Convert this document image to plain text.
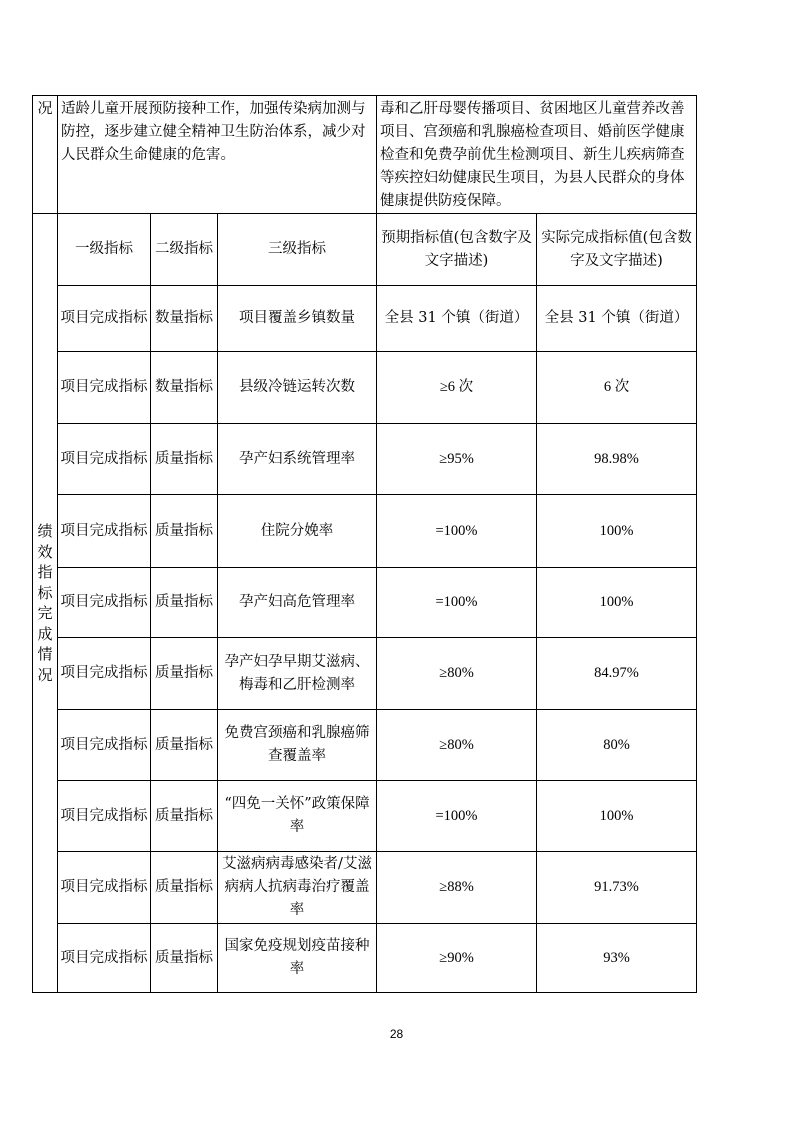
况	适龄儿童开展预防接种工作，加强传染病加测与防控，逐步建立健全精神卫生防治体系，减少对人民群众生命健康的危害。			毒和乙肝母婴传播项目、贫困地区儿童营养改善项目、宫颈癌和乳腺癌检查项目、婚前医学健康检查和免费孕前优生检测项目、新生儿疾病筛查等疾控妇幼健康民生项目，为县人民群众的身体健康提供防疫保障。	

绩效指标完成情况	一级指标	二级指标	三级指标	预期指标值(包含数字及文字描述)	实际完成指标值(包含数字及文字描述)
	项目完成指标	数量指标	项目覆盖乡镇数量	全县 31 个镇（街道）	全县 31 个镇（街道）
	项目完成指标	数量指标	县级冷链运转次数	≥6 次	6 次
	项目完成指标	质量指标	孕产妇系统管理率	≥95%	98.98%
	项目完成指标	质量指标	住院分娩率	=100%	100%
	项目完成指标	质量指标	孕产妇高危管理率	=100%	100%
	项目完成指标	质量指标	孕产妇孕早期艾滋病、梅毒和乙肝检测率	≥80%	84.97%
	项目完成指标	质量指标	免费宫颈癌和乳腺癌筛查覆盖率	≥80%	80%
	项目完成指标	质量指标	“四免一关怀”政策保障率	=100%	100%
	项目完成指标	质量指标	艾滋病病毒感染者/艾滋病病人抗病毒治疗覆盖率	≥88%	91.73%
	项目完成指标	质量指标	国家免疫规划疫苗接种率	≥90%	93%
28
